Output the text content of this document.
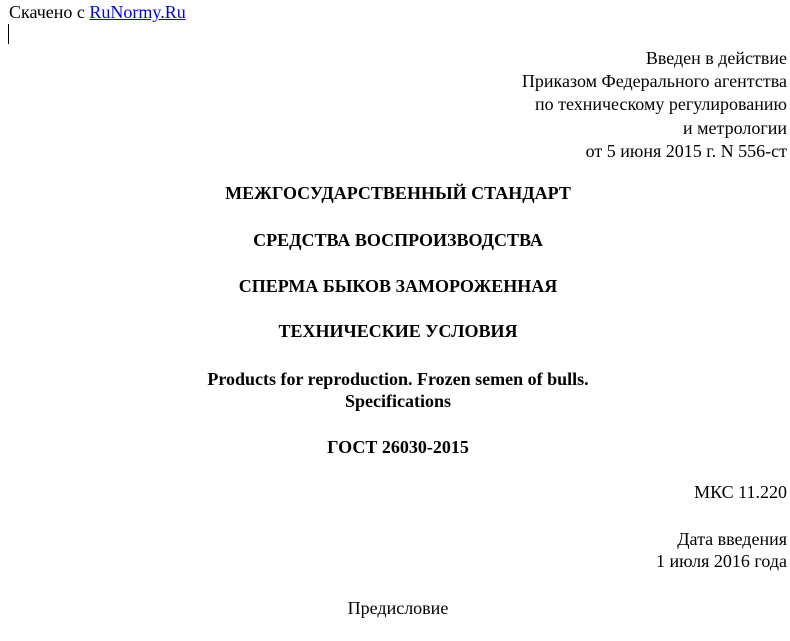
Скачено с RuNormy.Ru
Введен в действие
Приказом Федерального агентства
по техническому регулированию
и метрологии
от 5 июня 2015 г. N 556-ст
МЕЖГОСУДАРСТВЕННЫЙ СТАНДАРТ
СРЕДСТВА ВОСПРОИЗВОДСТВА
СПЕРМА БЫКОВ ЗАМОРОЖЕННАЯ
ТЕХНИЧЕСКИЕ УСЛОВИЯ
Products for reproduction. Frozen semen of bulls.
Specifications
ГОСТ 26030-2015
МКС 11.220
Дата введения
1 июля 2016 года
Предисловие
